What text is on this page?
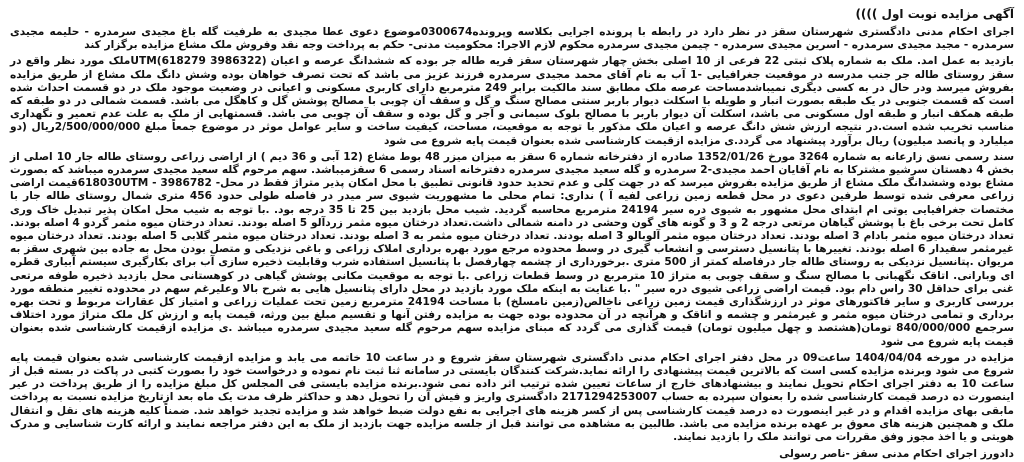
آگهی مزایده نوبت اول ))))

اجرای احکام مدنی دادگستری شهرستان سقز در نظر دارد در رابطه با پرونده اجرایی بکلاسه وپرونده0300674موضوع دعوی عطا مجیدی به طرفیت گله باغ مجیدی سرمدره - حلیمه مجیدی سرمدره - مجید مجیدی سرمدره - اسرین مجیدی سرمدره - چیمن مجیدی سرمدره محکوم لازم الاجرا: محکومیت مدنی- حکم به پرداخت وجه نقد وفروش ملک مشاع مزایده برگزار کند

بازدید به عمل امد. ملک به شماره پلاک ثبتی 22 فرعی از 10 اصلی بخش چهار شهرستان سقز قریه طاله جر بوده که ششدانگ عرصه و اعیان (UTM(618279 3986322ملک مورد نظر واقع در سقز روستای طاله جر جنب مدرسه در موقعیت جغرافیایی -1 آب به نام آقای محمد مجیدی سرمدره فرزند عزیز می باشد که تحت تصرف خواهان بوده وشش دانگ ملک مشاع از طریق مزایده بفروش میرسد ودر حال در به کسی دیگری نمیباشدمساحت عرصه ملک مطابق سند مالکیت برابر 249 مترمربع دارای کاربری مسکونی و اعیانی در وضعیت موجود ملک در دو قسمت احداث شده است که قسمت جنوبی در یک طبقه بصورت انبار و طویله با اسکلت دیوار باربر سنتی مصالح سنگ و گل و سقف آن چوبی با مصالح پوشش گل و کاهگل می باشد. قسمت شمالی در دو طبقه که طبقه همکف انبار و طبقه اول مسکونی می باشد، اسکلت آن دیوار باربر با مصالح بلوک سیمانی و آجر و گل بوده و سقف آن چوبی می باشد. قسمتهایی از ملک به علت عدم تعمیر و نگهداری مناسب تخریب شده است.در نتیجه ارزش شش دانگ عرصه و اعیان ملک مذکور با توجه به موقعیت، مساحت، کیفیت ساخت و سایر عوامل موثر در موضوع جمعاً مبلغ 2/500/000/000ریال (دو میلیارد و پانصد میلیون) ریال برآورد پیشنهاد می گردد.ی مزایده ازقیمت کارشناسی شده بعنوان قیمت پایه شروع می شود

سند رسمی نسق زارعانه به شماره 3264 مورخ 1352/01/26 صادره از دفترخانه شماره 6 سقز به میزان میزر 48 بوط مشاع (12 آبی و 36 دیم ) از اراضی زراعی روستای طاله جار 10 اصلی از بخش 4 دهستان سرشیو مشترکا به نام آقایان احمد مجیدی-2 سرمدره و گله سعید مجیدی سرمدره دفترخانه اسناد رسمی 6 سقزمیباشد. سهم مرحوم گله سعید مجیدی سرمدره میباشد که بصورت مشاع بوده وششدانگ ملک مشاع از طریق مزایده بفروش میرسد که در جهت کلی و عدم تحدید حدود قانونی تطبیق با محل امکان پذیر متراژ فقط در محل- 3986782 - 618030UTMقیمت اراضی زراعی معرفی شده توسط طرفین دعوی در محل قطعه زمین زراعی لفیه آ ) نداری: تمام محلی ما مشهوریت شیوی سر میدر در فاصله طولی حدود 456 متری شمال روستای طاله جار با مختصات جغرافیایی یوتی ام ابتدای محل مشهور به شیوی دره سیر 24194 مترمربع محاسبه گردید. شیب محل بازدید بین 25 تا 35 درجه بود. .با توجه به شیب محل امکان پذیر تبدیل خاک وری کامل تحت برخی باغ با پوشش گیاهان مرتعی درجه 2 و 3 و گونه های گون وحشی در دامنه شمالی داشت.تعداد درختان میوه مثمر زردآلو 5 اصله بودند. تعداد درختان میوه مثمر گردو 4 اصله بودند. تعداد درختان میوه مثمر بادام 3 اصله بودند. تعداد درختان میوه مثمر آلوبالو 3 اصله بودند. تعداد درختان میوه مثمر به 3 اصله بودند. تعداد درختان میوه مثمر گلابی 5 اصله بودند. تعداد درختان میوه غیرمثمر سفیدار 6 اصله بودند. تغییرها با پتانسیل دسترسی و انشعاب گیری در وسط محدوده مرجع مورد بهره برداری املاک زراعی و باغی نزدیکی و متصل بودن محل به جاده بین شهری سقز به مریوان .پتانسیل نزدیکی به روستای طاله جار درفاصله کمتر از 500 متری .برخورداری از چشمه چهارفصل با پتانسیل استفاده شرب وقابلیت ذخیره سازی آب برای بکارگیری سیستم آبیاری قطره ای وبارانی. اتاقک نگهبانی با مصالح سنگ و سقف چوبی به متراژ 10 مترمربع در وسط قطعات زراعی .با توجه به موقعیت مکانی پوشش گیاهی در کوهستانی محل بازدید ذخیره طوفه مرتعی غنی برای حداقل 30 راس دام بود. قیمت اراضی زراعی شیوی دره سیر " .با عنایت به اینکه ملک مورد بازدید در محل دارای پتانسیل هایی به شرح بالا وعلیرغم سهم در محدوده تغییر منطقه مورد بررسی کاربری و سایر فاکتورهای موثر در ارزشگذاری قیمت زمین زراعی ناخالص(زمین نامسلخ) با مساحت 24194 مترمربع زمین تحت عملیات زراعی و امتیاز کل عقارات مربوط و تحت بهره برداری و تمامی درختان میوه مثمر و غیرمثمر و چشمه و اتاقک و هرآنچه در آن محدوده بوده جهت به مزایده رفتن آنها و تقسیم مبلغ بین ورثه، قیمت پایه و ارزش کل ملک متراژ مورد اختلاف سرجمع 840/000/000 تومان(هشتصد و چهل میلیون تومان) قیمت گذاری می گردد که مبنای مزایده سهم مرحوم گله سعید مجیدی سرمدره میباشد .ی مزایده ازقیمت کارشناسی شده بعنوان قیمت پایه شروع می شود

مزایده در مورخه 1404/04/04 ساعت09 در محل دفتر اجرای احکام مدنی دادگستری شهرستان سقز شروع و در ساعت 10 خاتمه می یابد و مزایده ازقیمت کارشناسی شده بعنوان قیمت پایه شروع می شود وبرنده مزایده کسی است که بالاترین قیمت پیشنهادی را ارائه نماید.شرکت کنندگان بایستی در سامانه ثنا ثبت نام نموده و درخواست خود را بصورت کتبی در پاکت در بسته قبل از ساعت 10 به دفتر اجرای احکام تحویل نمایند و بیشنهادهای خارج از ساعات تعیین شده ترتیب اثر داده نمی شود.برنده مزایده بایستی فی المجلس کل مبلغ مزایده را از طریق پرداخت در عیر اینصورت ده درصد قیمت کارشناسی شده را بعنوان سپرده به حساب 2171294253007 دادگستری واریز و فیش آن را تحویل دهد و حداکثر ظرف مدت یک ماه بعد ازتاریخ مزایده نسبت به پرداخت مابقی بهای مزایده اقدام و در غیر اینصورت ده درصد قیمت کارشناسی پس از کسر هزینه های اجرایی به نفع دولت ضبط خواهد شد و مزایده تجدید خواهد شد. ضمناً کلیه هزینه های نقل و انتقال ملک و همچنین هزینه های معوق بر عهده برنده مزایده می باشد. طالبین به مشاهده می توانند قبل از جلسه مزایده جهت بازدید از ملک به این دفتر مراجعه نمایند و ارائه کارت شناسایی و مدرک هویتی و یا اخذ مجوز وفق مقررات می توانند ملک را بازدید نمایند.

دادورز اجرای احکام مدنی سقز -ناصر رسولی
